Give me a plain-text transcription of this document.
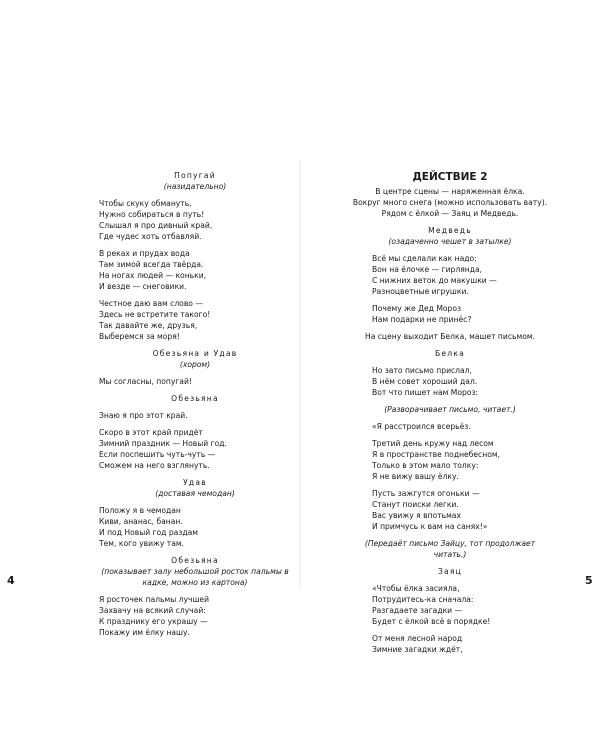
Попугай
(назидательно)
Чтобы скуку обмануть,
Нужно собираться в путь!
Слышал я про дивный край,
Где чудес хоть отбавляй.
В реках и прудах вода
Там зимой всегда твёрда.
На ногах людей — коньки,
И везде — снеговики.
Честное даю вам слово —
Здесь не встретите такого!
Так давайте же, друзья,
Выберемся за моря!
Обезьяна и Удав
(хором)
Мы согласны, попугай!
Обезьяна
Знаю я про этот край.
Скоро в этот край придёт
Зимний праздник — Новый год.
Если поспешить чуть-чуть —
Сможем на него взглянуть.
Удав
(доставая чемодан)
Положу я в чемодан
Киви, ананас, банан.
И под Новый год раздам
Тем, кого увижу там.
Обезьяна
(показывает залу небольшой росток пальмы в кадке, можно из картона)
Я росточек пальмы лучшей
Захвачу на всякий случай:
К празднику его украшу —
Покажу им ёлку нашу.
ДЕЙСТВИЕ 2
В центре сцены — наряженная ёлка.
Вокруг много снега (можно использовать вату).
Рядом с ёлкой — Заяц и Медведь.
Медведь
(озадаченно чешет в затылке)
Всё мы сделали как надо:
Вон на ёлочке — гирлянда,
С нижних веток до макушки —
Разноцветные игрушки.
Почему же Дед Мороз
Нам подарки не принёс?
На сцену выходит Белка, машет письмом.
Белка
Но зато письмо прислал,
В нём совет хороший дал.
Вот что пишет нам Мороз:
(Разворачивает письмо, читает.)
«Я расстроился всерьёз.
Третий день кружу над лесом
Я в пространстве поднебесном,
Только в этом мало толку:
Я не вижу вашу ёлку.
Пусть зажгутся огоньки —
Станут поиски легки.
Вас увижу я впотьмах
И примчусь к вам на санях!»
(Передаёт письмо Зайцу, тот продолжает читать.)
Заяц
«Чтобы ёлка засияла,
Потрудитесь-ка сначала:
Разгадаете загадки —
Будет с ёлкой всё в порядке!
От меня лесной народ
Зимние загадки ждёт,
4	5
